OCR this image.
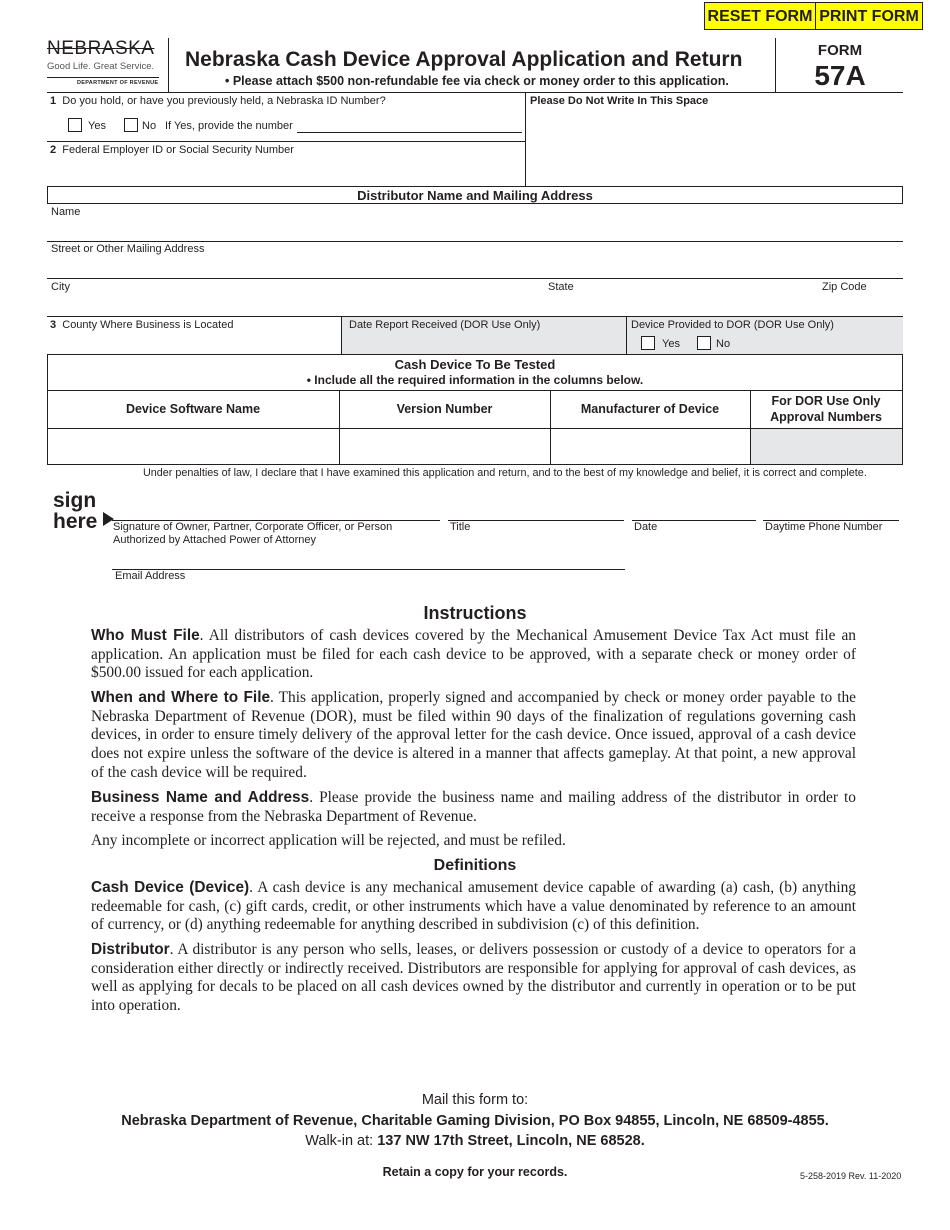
RESET FORM PRINT FORM
NEBRASKA
Good Life. Great Service.
DEPARTMENT OF REVENUE
Nebraska Cash Device Approval Application and Return
• Please attach $500 non-refundable fee via check or money order to this application.
FORM
57A
1 Do you hold, or have you previously held, a Nebraska ID Number?
Yes	No If Yes, provide the number
2 Federal Employer ID or Social Security Number
Please Do Not Write In This Space
Distributor Name and Mailing Address
Name
Street or Other Mailing Address
City	State	Zip Code
3 County Where Business is Located	Date Report Received (DOR Use Only)	Device Provided to DOR (DOR Use Only)
Yes	No
Cash Device To Be Tested
• Include all the required information in the columns below.
Device Software Name	Version Number	Manufacturer of Device
For DOR Use Only
Approval Numbers
Under penalties of law, I declare that I have examined this application and return, and to the best of my knowledge and belief, it is correct and complete.
sign
here Signature of Owner, Partner, Corporate Officer, or Person
Authorized by Attached Power of Attorney
Title	Date	Daytime Phone Number
Email Address
Instructions
Who Must File. All distributors of cash devices covered by the Mechanical Amusement Device Tax Act must file an application. An application must be filed for each cash device to be approved, with a separate check or money order of $500.00 issued for each application.
When and Where to File. This application, properly signed and accompanied by check or money order payable to the Nebraska Department of Revenue (DOR), must be filed within 90 days of the finalization of regulations governing cash devices, in order to ensure timely delivery of the approval letter for the cash device. Once issued, approval of a cash device does not expire unless the software of the device is altered in a manner that affects gameplay. At that point, a new approval of the cash device will be required.
Business Name and Address. Please provide the business name and mailing address of the distributor in order to receive a response from the Nebraska Department of Revenue.
Any incomplete or incorrect application will be rejected, and must be refiled.
Definitions
Cash Device (Device). A cash device is any mechanical amusement device capable of awarding (a) cash, (b) anything redeemable for cash, (c) gift cards, credit, or other instruments which have a value denominated by reference to an amount of currency, or (d) anything redeemable for anything described in subdivision (c) of this definition.
Distributor. A distributor is any person who sells, leases, or delivers possession or custody of a device to operators for a consideration either directly or indirectly received. Distributors are responsible for applying for approval of cash devices, as well as applying for decals to be placed on all cash devices owned by the distributor and currently in operation or to be put into operation.
Mail this form to:
Nebraska Department of Revenue, Charitable Gaming Division, PO Box 94855, Lincoln, NE 68509-4855.
Walk-in at: 137 NW 17th Street, Lincoln, NE 68528.
Retain a copy for your records.	5-258-2019 Rev. 11-2020
